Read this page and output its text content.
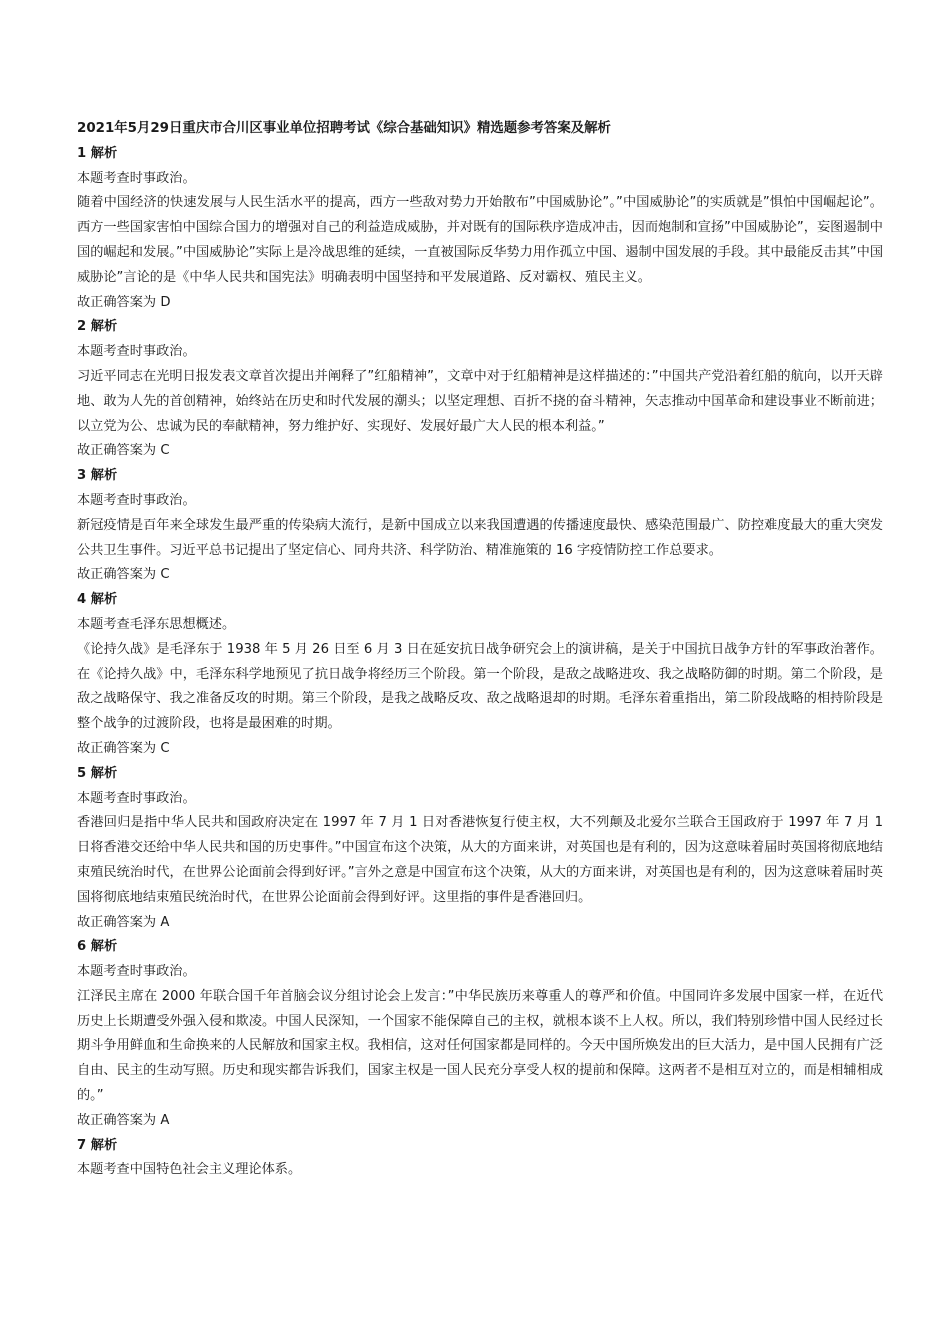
2021年5月29日重庆市合川区事业单位招聘考试《综合基础知识》精选题参考答案及解析

1 解析

本题考查时事政治。

随着中国经济的快速发展与人民生活水平的提高，西方一些敌对势力开始散布”中国威胁论”。”中国威胁论”的实质就是”惧怕中国崛起论”。西方一些国家害怕中国综合国力的增强对自己的利益造成威胁，并对既有的国际秩序造成冲击，因而炮制和宣扬”中国威胁论”，妄图遏制中国的崛起和发展。”中国威胁论”实际上是冷战思维的延续，一直被国际反华势力用作孤立中国、遏制中国发展的手段。其中最能反击其”中国威胁论”言论的是《中华人民共和国宪法》明确表明中国坚持和平发展道路、反对霸权、殖民主义。

故正确答案为 D

2 解析

本题考查时事政治。

习近平同志在光明日报发表文章首次提出并阐释了”红船精神”，文章中对于红船精神是这样描述的：”中国共产党沿着红船的航向，以开天辟地、敢为人先的首创精神，始终站在历史和时代发展的潮头；以坚定理想、百折不挠的奋斗精神，矢志推动中国革命和建设事业不断前进；以立党为公、忠诚为民的奉献精神，努力维护好、实现好、发展好最广大人民的根本利益。”

故正确答案为 C

3 解析

本题考查时事政治。

新冠疫情是百年来全球发生最严重的传染病大流行，是新中国成立以来我国遭遇的传播速度最快、感染范围最广、防控难度最大的重大突发公共卫生事件。习近平总书记提出了坚定信心、同舟共济、科学防治、精准施策的 16 字疫情防控工作总要求。

故正确答案为 C

4 解析

本题考查毛泽东思想概述。

《论持久战》是毛泽东于 1938 年 5 月 26 日至 6 月 3 日在延安抗日战争研究会上的演讲稿，是关于中国抗日战争方针的军事政治著作。在《论持久战》中，毛泽东科学地预见了抗日战争将经历三个阶段。第一个阶段，是敌之战略进攻、我之战略防御的时期。第二个阶段，是敌之战略保守、我之准备反攻的时期。第三个阶段，是我之战略反攻、敌之战略退却的时期。毛泽东着重指出，第二阶段战略的相持阶段是整个战争的过渡阶段，也将是最困难的时期。

故正确答案为 C

5 解析

本题考查时事政治。

香港回归是指中华人民共和国政府决定在 1997 年 7 月 1 日对香港恢复行使主权，大不列颠及北爱尔兰联合王国政府于 1997 年 7 月 1 日将香港交还给中华人民共和国的历史事件。”中国宣布这个决策，从大的方面来讲，对英国也是有利的，因为这意味着届时英国将彻底地结束殖民统治时代，在世界公论面前会得到好评。”言外之意是中国宣布这个决策，从大的方面来讲，对英国也是有利的，因为这意味着届时英国将彻底地结束殖民统治时代，在世界公论面前会得到好评。这里指的事件是香港回归。

故正确答案为 A

6 解析

本题考查时事政治。

江泽民主席在 2000 年联合国千年首脑会议分组讨论会上发言：”中华民族历来尊重人的尊严和价值。中国同许多发展中国家一样，在近代历史上长期遭受外强入侵和欺凌。中国人民深知，一个国家不能保障自己的主权，就根本谈不上人权。所以，我们特别珍惜中国人民经过长期斗争用鲜血和生命换来的人民解放和国家主权。我相信，这对任何国家都是同样的。今天中国所焕发出的巨大活力，是中国人民拥有广泛自由、民主的生动写照。历史和现实都告诉我们，国家主权是一国人民充分享受人权的提前和保障。这两者不是相互对立的，而是相辅相成的。”

故正确答案为 A

7 解析

本题考查中国特色社会主义理论体系。
